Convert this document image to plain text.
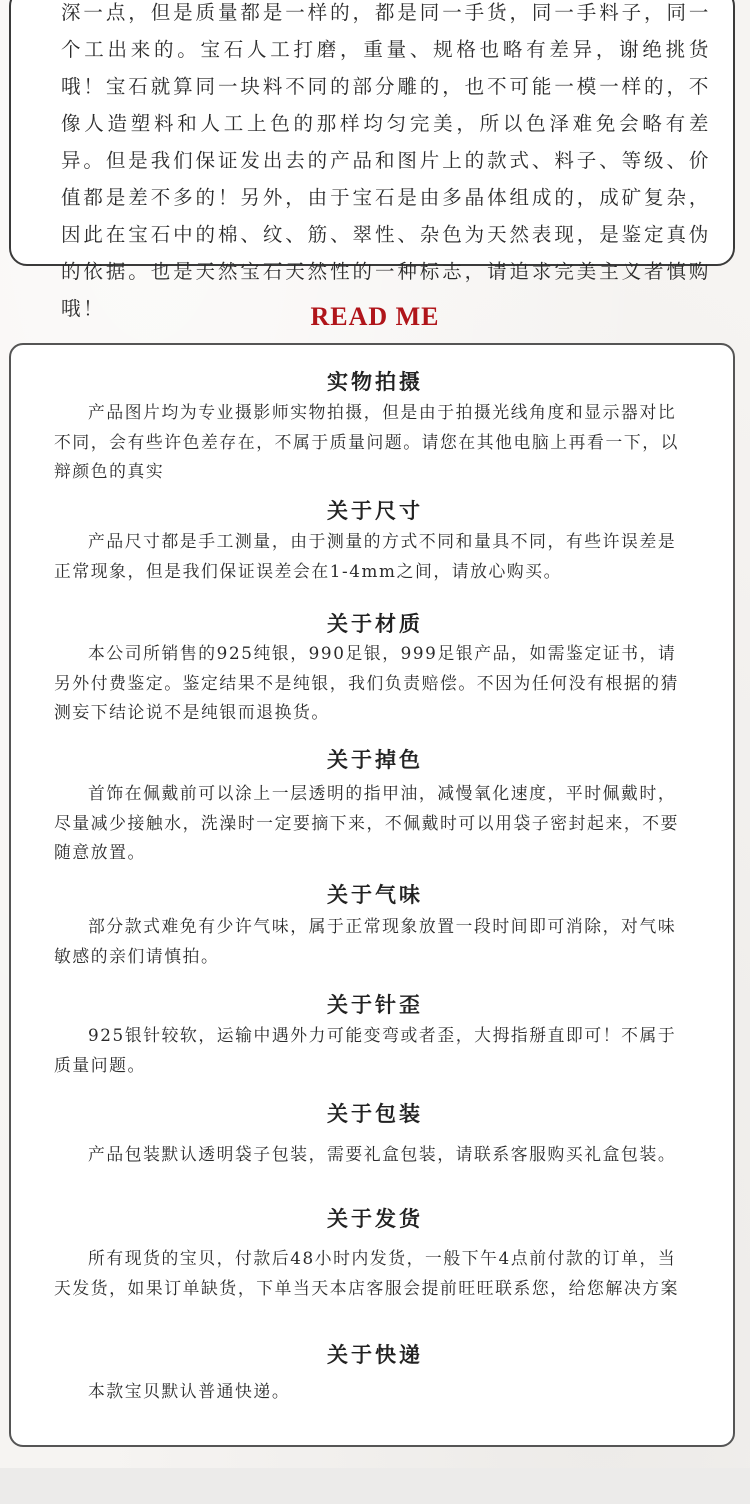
深一点，但是质量都是一样的，都是同一手货，同一手料子，同一个工出来的。宝石人工打磨，重量、规格也略有差异，谢绝挑货哦！宝石就算同一块料不同的部分雕的，也不可能一模一样的，不像人造塑料和人工上色的那样均匀完美，所以色泽难免会略有差异。但是我们保证发出去的产品和图片上的款式、料子、等级、价值都是差不多的！另外，由于宝石是由多晶体组成的，成矿复杂，因此在宝石中的棉、纹、筋、翠性、杂色为天然表现，是鉴定真伪的依据。也是天然宝石天然性的一种标志，请追求完美主义者慎购哦！	READ ME
实物拍摄

产品图片均为专业摄影师实物拍摄，但是由于拍摄光线角度和显示器对比不同，会有些许色差存在，不属于质量问题。请您在其他电脑上再看一下，以辩颜色的真实

关于尺寸

产品尺寸都是手工测量，由于测量的方式不同和量具不同，有些许误差是正常现象，但是我们保证误差会在1-4mm之间，请放心购买。

关于材质

本公司所销售的925纯银，990足银，999足银产品，如需鉴定证书，请另外付费鉴定。鉴定结果不是纯银，我们负责赔偿。不因为任何没有根据的猜测妄下结论说不是纯银而退换货。

关于掉色

首饰在佩戴前可以涂上一层透明的指甲油，减慢氧化速度，平时佩戴时，尽量减少接触水，洗澡时一定要摘下来，不佩戴时可以用袋子密封起来，不要随意放置。

关于气味

部分款式难免有少许气味，属于正常现象放置一段时间即可消除，对气味敏感的亲们请慎拍。

关于针歪

925银针较软，运输中遇外力可能变弯或者歪，大拇指掰直即可！不属于质量问题。

关于包装

产品包装默认透明袋子包装，需要礼盒包装，请联系客服购买礼盒包装。

关于发货

所有现货的宝贝，付款后48小时内发货，一般下午4点前付款的订单，当天发货，如果订单缺货，下单当天本店客服会提前旺旺联系您，给您解决方案

关于快递

本款宝贝默认普通快递。
